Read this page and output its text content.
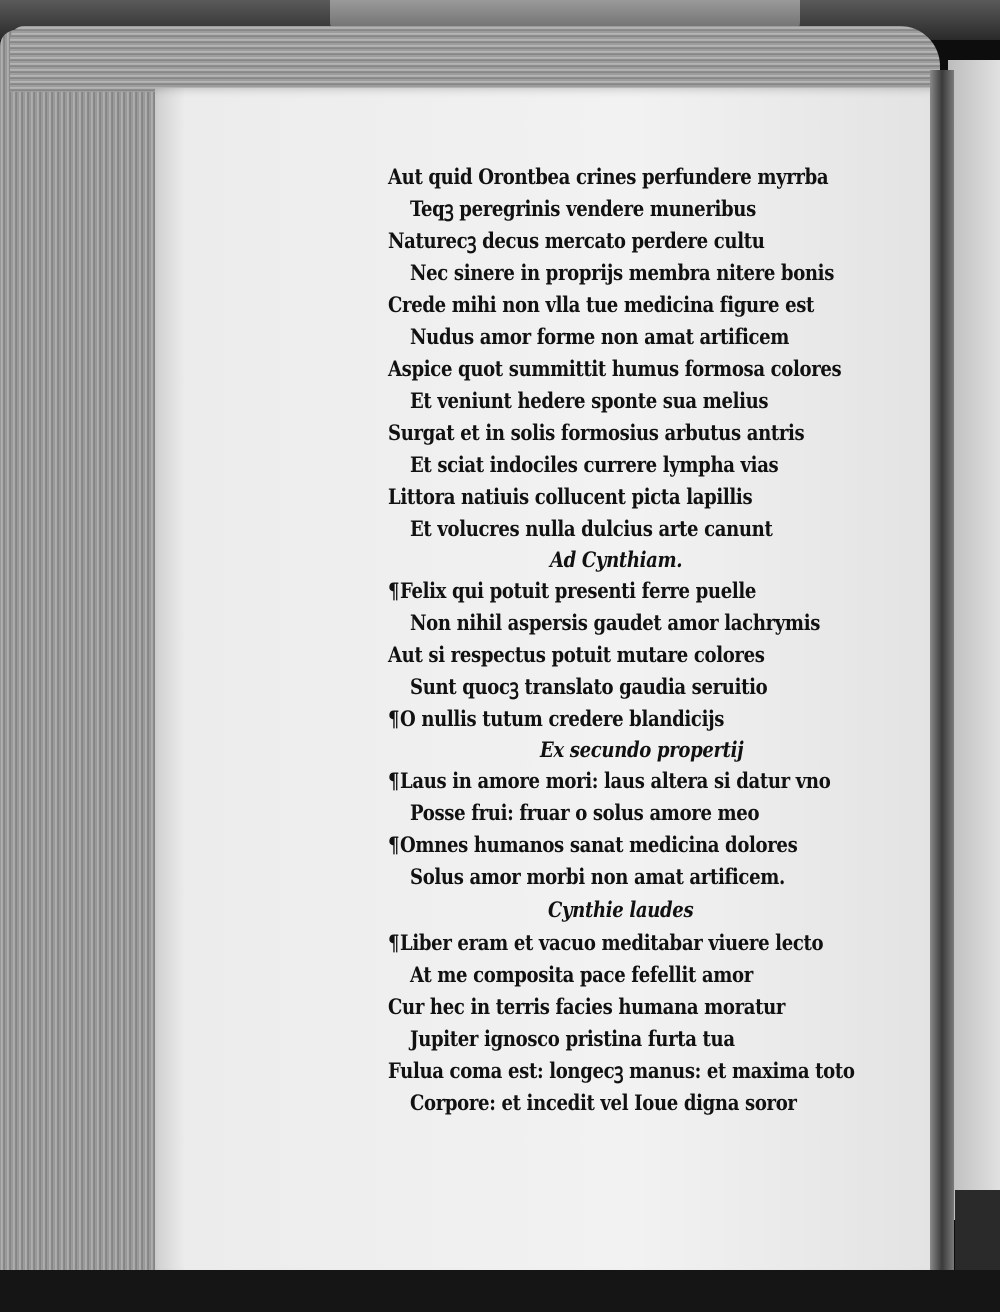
Aut quid Orontbea crines perfundere myrrba
Teqꝫ peregrinis vendere muneribus
Naturecꝫ decus mercato perdere cultu
Nec sinere in proprijs membra nitere bonis
Crede mihi non vlla tue medicina figure est
Nudus amor forme non amat artificem
Aspice quot summittit humus formosa colores
Et veniunt hedere sponte sua melius
Surgat et in solis formosius arbutus antris
Et sciat indociles currere lympha vias
Littora natiuis collucent picta lapillis
Et volucres nulla dulcius arte canunt
Ad Cynthiam.
¶Felix qui potuit presenti ferre puelle
Non nihil aspersis gaudet amor lachrymis
Aut si respectus potuit mutare colores
Sunt quocꝫ translato gaudia seruitio
¶O nullis tutum credere blandicijs
Ex secundo propertij
¶Laus in amore mori: laus altera si datur vno
Posse frui: fruar o solus amore meo
¶Omnes humanos sanat medicina dolores
Solus amor morbi non amat artificem.
Cynthie laudes
¶Liber eram et vacuo meditabar viuere lecto
At me composita pace fefellit amor
Cur hec in terris facies humana moratur
Jupiter ignosco pristina furta tua
Fulua coma est: longecꝫ manus: et maxima toto
Corpore: et incedit vel Ioue digna soror
